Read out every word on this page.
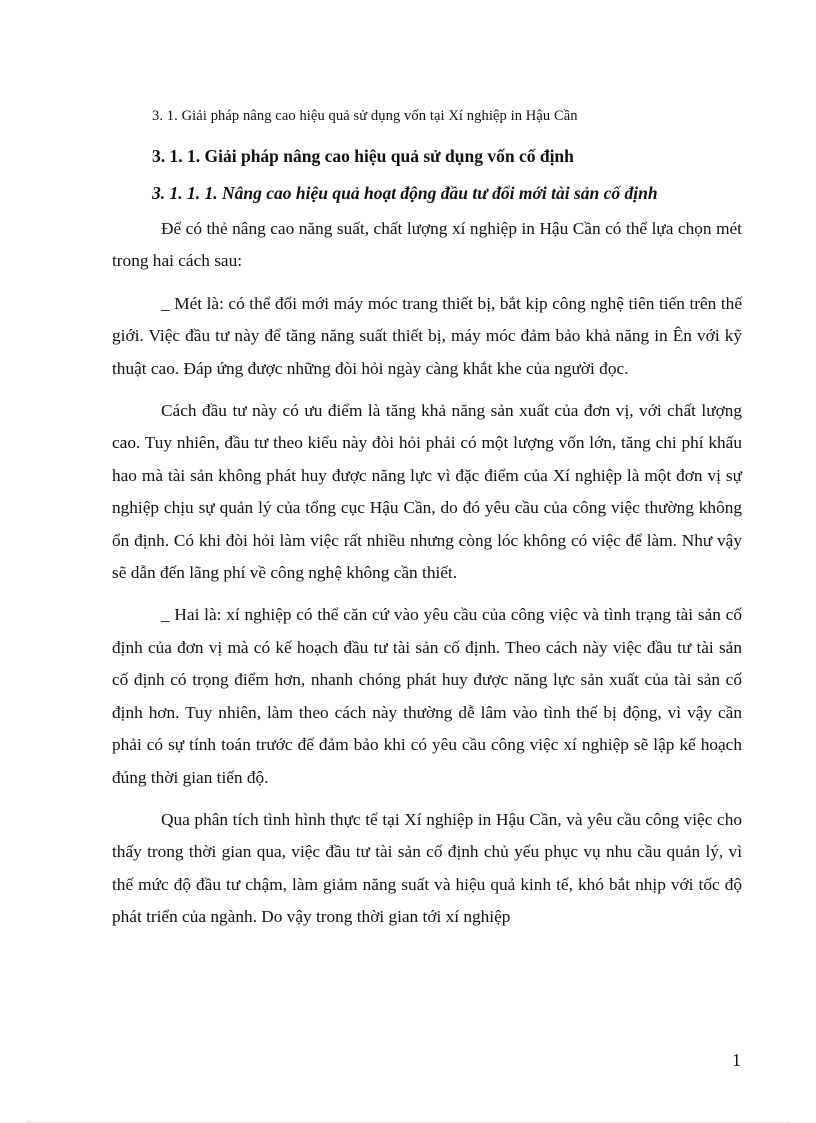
3. 1. Giải pháp nâng cao hiệu quả sử dụng vốn tại Xí nghiệp in Hậu Cần

3. 1. 1. Giải pháp nâng cao hiệu quả sử dụng vốn cố định

3. 1. 1. 1. Nâng cao hiệu quả hoạt động đầu tư đổi mới tài sản cố định

Để có thẻ nâng cao năng suất, chất lượng xí nghiệp in Hậu Cần có thể lựa chọn mét trong hai cách sau:

_ Mét là: có thể đổi mới máy móc trang thiết bị, bắt kịp công nghệ tiên tiến trên thế giới. Việc đầu tư này để tăng năng suất thiết bị, máy móc đảm bảo khả năng in Ên với kỹ thuật cao. Đáp ứng được những đòi hỏi ngày càng khắt khe của người đọc.

Cách đầu tư này có ưu điểm là tăng khả năng sản xuất của đơn vị, với chất lượng cao. Tuy nhiên, đầu tư theo kiểu này đòi hỏi phải có một lượng vốn lớn, tăng chi phí khấu hao mà tài sản không phát huy được năng lực vì đặc điểm của Xí nghiệp là một đơn vị sự nghiệp chịu sự quản lý của tổng cục Hậu Cần, do đó yêu cầu của công việc thường không ổn định. Có khi đòi hỏi làm việc rất nhiều nhưng còng lóc không có việc để làm. Như vậy sẽ dẫn đến lãng phí về công nghệ không cần thiết.

_ Hai là: xí nghiệp có thể căn cứ vào yêu cầu của công việc và tình trạng tài sản cố định của đơn vị mà có kế hoạch đầu tư tài sản cố định. Theo cách này việc đầu tư tài sản cố định có trọng điểm hơn, nhanh chóng phát huy được năng lực sản xuất của tài sản cố định hơn. Tuy nhiên, làm theo cách này thường dễ lâm vào tình thế bị động, vì vậy cần phải có sự tính toán trước để đảm bảo khi có yêu cầu công việc xí nghiệp sẽ lập kế hoạch đúng thời gian tiến độ.

Qua phân tích tình hình thực tế tại Xí nghiệp in Hậu Cần, và yêu cầu công việc cho thấy trong thời gian qua, việc đầu tư tài sản cố định chủ yếu phục vụ nhu cầu quản lý, vì thế mức độ đầu tư chậm, làm giảm năng suất và hiệu quả kinh tế, khó bắt nhịp với tốc độ phát triển của ngành. Do vậy trong thời gian tới xí nghiệp

1
